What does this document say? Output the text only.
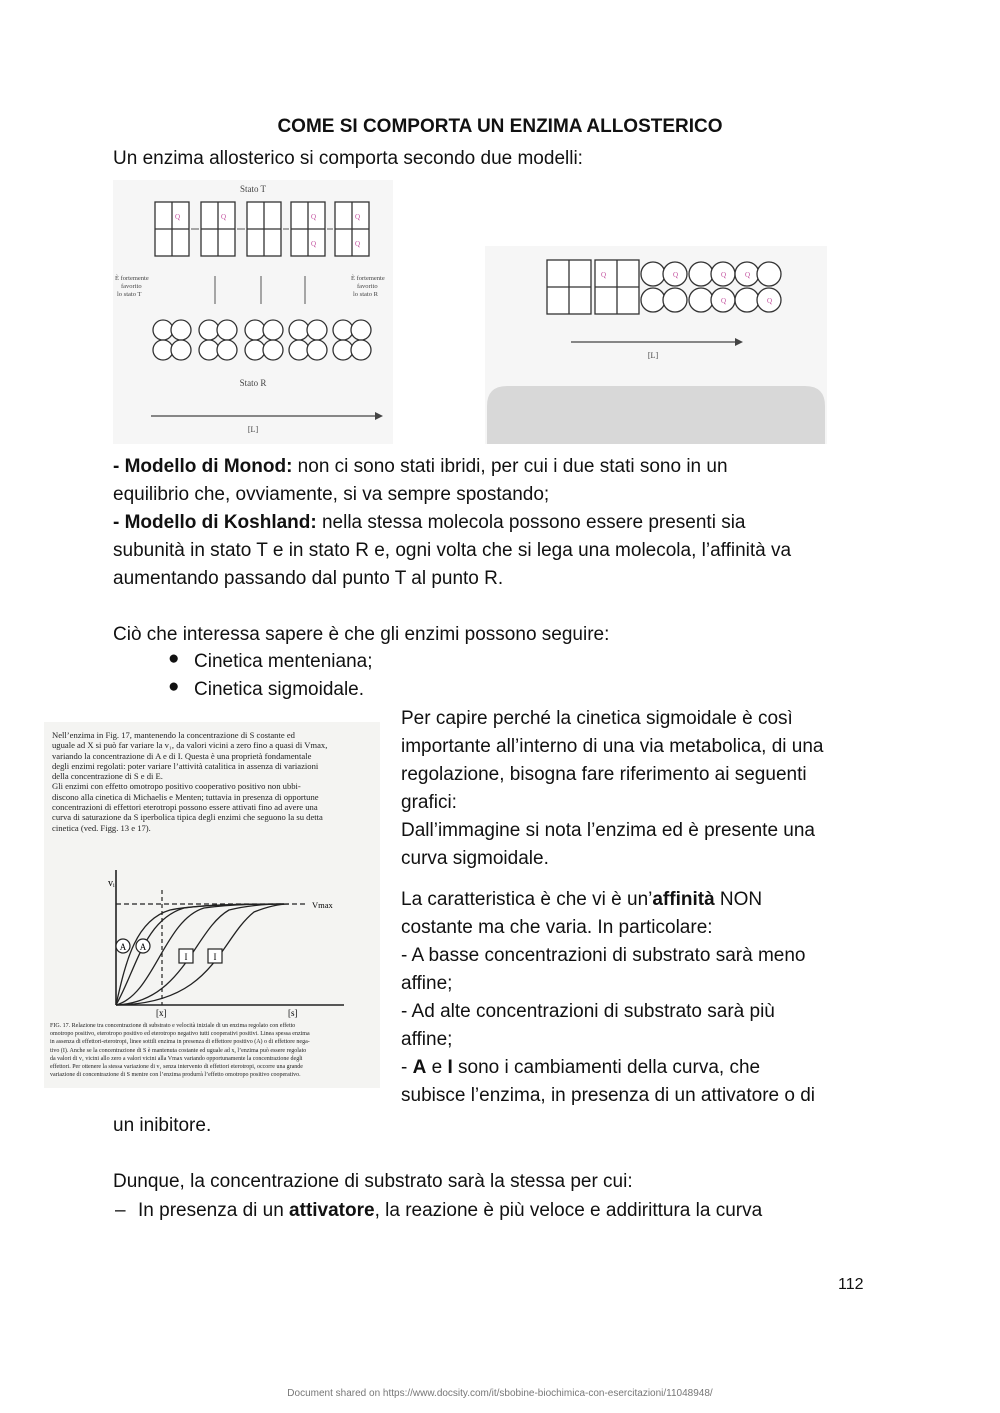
COME SI COMPORTA UN ENZIMA ALLOSTERICO
Un enzima allosterico si comporta secondo due modelli:
Stato T
Q	Q	Q
Q
Q
Q
È fortemente
favorito
lo stato T
È fortemente
favorito
lo stato R
Stato R
[L]
Q	Q	Q
Q
Q
Q
[L]
- Modello di Monod: non ci sono stati ibridi, per cui i due stati sono in un
equilibrio che, ovviamente, si va sempre spostando;
- Modello di Koshland: nella stessa molecola possono essere presenti sia
subunità in stato T e in stato R e, ogni volta che si lega una molecola, l’affinità va
aumentando passando dal punto T al punto R.
Ciò che interessa sapere è che gli enzimi possono seguire:
● Cinetica menteniana;
● Cinetica sigmoidale.
Nell’enzima in Fig. 17, mantenendo la concentrazione di S costante ed
uguale ad X si può far variare la v₁, da valori vicini a zero fino a quasi di Vmax,
variando la concentrazione di A e di I. Questa è una proprietà fondamentale
degli enzimi regolati: poter variare l’attività catalitica in assenza di variazioni
della concentrazione di S e di E.
Gli enzimi con effetto omotropo positivo cooperativo positivo non ubbi-
discono alla cinetica di Michaelis e Menten; tuttavia in presenza di opportune
concentrazioni di effettori eterotropi possono essere attivati fino ad avere una
curva di saturazione da S iperbolica tipica degli enzimi che seguono la su detta
cinetica (ved. Figg. 13 e 17).
vᵢ
Vmax
A A
I	I
[x]	[s]
FIG. 17. Relazione tra concentrazione di substrato e velocità iniziale di un enzima regolato con effetto
omotropo positivo, eterotropo positivo ed eterotropo negativo tutti cooperativi positivi. Linea spessa enzima
in assenza di effettori-eterotropi, linee sottili enzima in presenza di effettore positivo (A) o di effettore nega-
tivo (I). Anche se la concentrazione di S è mantenuta costante ed uguale ad x, l’enzima può essere regolato
da valori di v₁ vicini allo zero a valori vicini alla Vmax variando opportunamente la concentrazione degli
effettori. Per ottenere la stessa variazione di v₁ senza intervento di effettori eterotropi, occorre una grande
variazione di concentrazione di S mentre con l’enzima produrrà l’effetto omotropo positivo cooperativo.
Per capire perché la cinetica sigmoidale è così
importante all’interno di una via metabolica, di una
regolazione, bisogna fare riferimento ai seguenti
grafici:
Dall’immagine si nota l’enzima ed è presente una
curva sigmoidale.
La caratteristica è che vi è un’affinità NON
costante ma che varia. In particolare:
- A basse concentrazioni di substrato sarà meno
affine;
- Ad alte concentrazioni di substrato sarà più
affine;
- A e I sono i cambiamenti della curva, che
subisce l’enzima, in presenza di un attivatore o di
un inibitore.
Dunque, la concentrazione di substrato sarà la stessa per cui:
– In presenza di un attivatore, la reazione è più veloce e addirittura la curva
112
Document shared on https://www.docsity.com/it/sbobine-biochimica-con-esercitazioni/11048948/
